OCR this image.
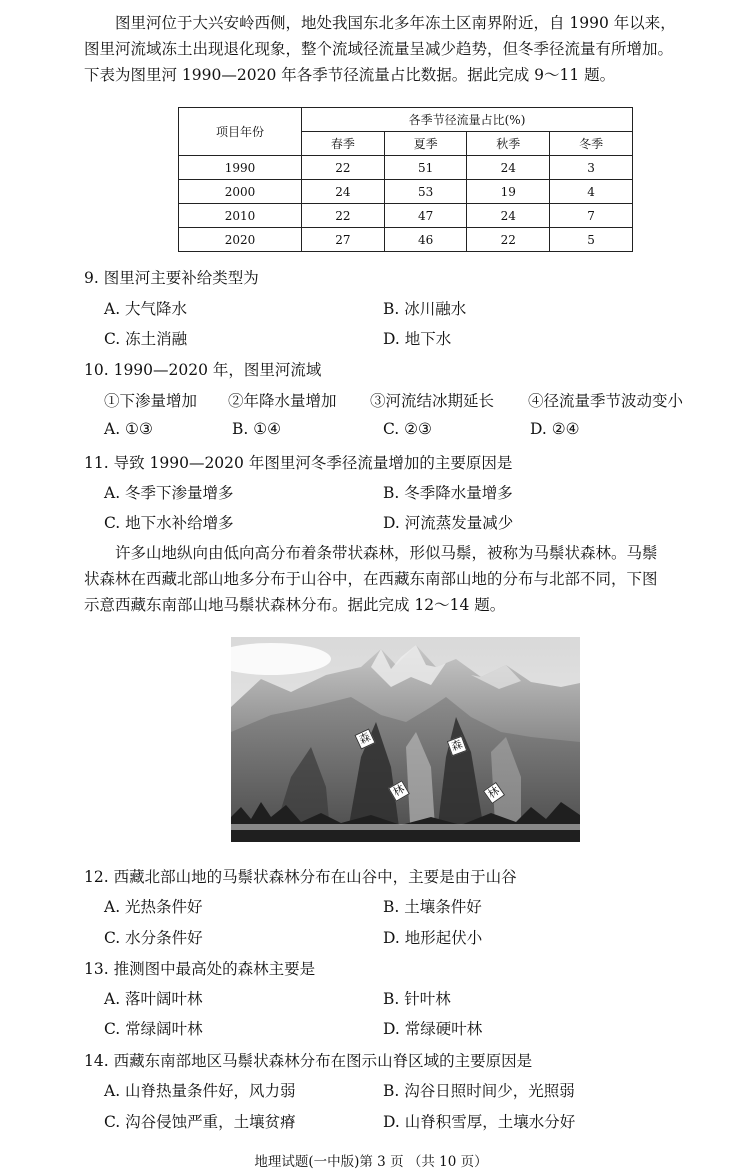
图里河位于大兴安岭西侧，地处我国东北多年冻土区南界附近，自 1990 年以来，

图里河流域冻土出现退化现象，整个流域径流量呈减少趋势，但冬季径流量有所增加。

下表为图里河 1990—2020 年各季节径流量占比数据。据此完成 9～11 题。

项目年份	各季节径流量占比(%)			
	春季	夏季	秋季	冬季
1990	22	51	24	3
2000	24	53	19	4
2010	22	47	24	7
2020	27	46	22	5
9. 图里河主要补给类型为
A. 大气降水	B. 冰川融水
C. 冻土消融	D. 地下水
10. 1990—2020 年，图里河流域
①下渗量增加 ②年降水量增加 ③河流结冰期延长 ④径流量季节波动变小
A. ①③	B. ①④	C. ②③	D. ②④
11. 导致 1990—2020 年图里河冬季径流量增加的主要原因是
A. 冬季下渗量增多	B. 冬季降水量增多
C. 地下水补给增多	D. 河流蒸发量减少

许多山地纵向由低向高分布着条带状森林，形似马鬃，被称为马鬃状森林。马鬃

状森林在西藏北部山地多分布于山谷中，在西藏东南部山地的分布与北部不同，下图

示意西藏东南部山地马鬃状森林分布。据此完成 12～14 题。

森	森
林	林
12. 西藏北部山地的马鬃状森林分布在山谷中，主要是由于山谷
A. 光热条件好	B. 土壤条件好
C. 水分条件好	D. 地形起伏小
13. 推测图中最高处的森林主要是
A. 落叶阔叶林	B. 针叶林
C. 常绿阔叶林	D. 常绿硬叶林
14. 西藏东南部地区马鬃状森林分布在图示山脊区域的主要原因是
A. 山脊热量条件好，风力弱	B. 沟谷日照时间少，光照弱
C. 沟谷侵蚀严重，土壤贫瘠	D. 山脊积雪厚，土壤水分好
地理试题(一中版)第 3 页 （共 10 页）
